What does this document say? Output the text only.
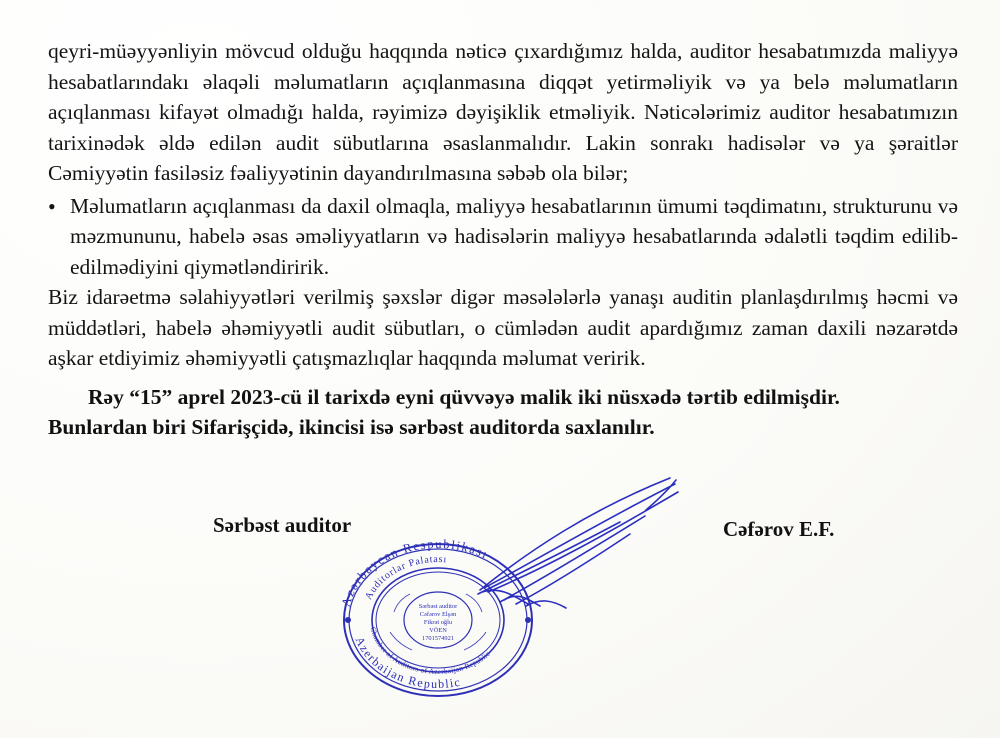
qeyri-müəyyənliyin mövcud olduğu haqqında nəticə çıxardığımız halda, auditor hesabatımızda maliyyə hesabatlarındakı əlaqəli məlumatların açıqlanmasına diqqət yetirməliyik və ya belə məlumatların açıqlanması kifayət olmadığı halda, rəyimizə dəyişiklik etməliyik. Nəticələrimiz auditor hesabatımızın tarixinədək əldə edilən audit sübutlarına əsaslanmalıdır. Lakin sonrakı hadisələr və ya şəraitlər Cəmiyyətin fasiləsiz fəaliyyətinin dayandırılmasına səbəb ola bilər;

• Məlumatların açıqlanması da daxil olmaqla, maliyyə hesabatlarının ümumi təqdimatını, strukturunu və məzmununu, habelə əsas əməliyyatların və hadisələrin maliyyə hesabatlarında ədalətli təqdim edilib-edilmədiyini qiymətləndiririk.

Biz idarəetmə səlahiyyətləri verilmiş şəxslər digər məsələlərlə yanaşı auditin planlaşdırılmış həcmi və müddətləri, habelə əhəmiyyətli audit sübutları, o cümlədən audit apardığımız zaman daxili nəzarətdə aşkar etdiyimiz əhəmiyyətli çatışmazlıqlar haqqında məlumat veririk.

Rəy “15” aprel 2023-cü il tarixdə eyni qüvvəyə malik iki nüsxədə tərtib edilmişdir.
Bunlardan biri Sifarişçidə, ikincisi isə sərbəst auditorda saxlanılır.
Sərbəst auditor	Cəfərov E.F.
Azərbaycan Respublikası
Azerbaijan Republic
Auditorlar Palatası
Chamber of Auditors of Azerbaijan Republic
Sərbəst auditor
Cəfərov Elşən
Fikrət oğlu
VÖEN
1701574921
